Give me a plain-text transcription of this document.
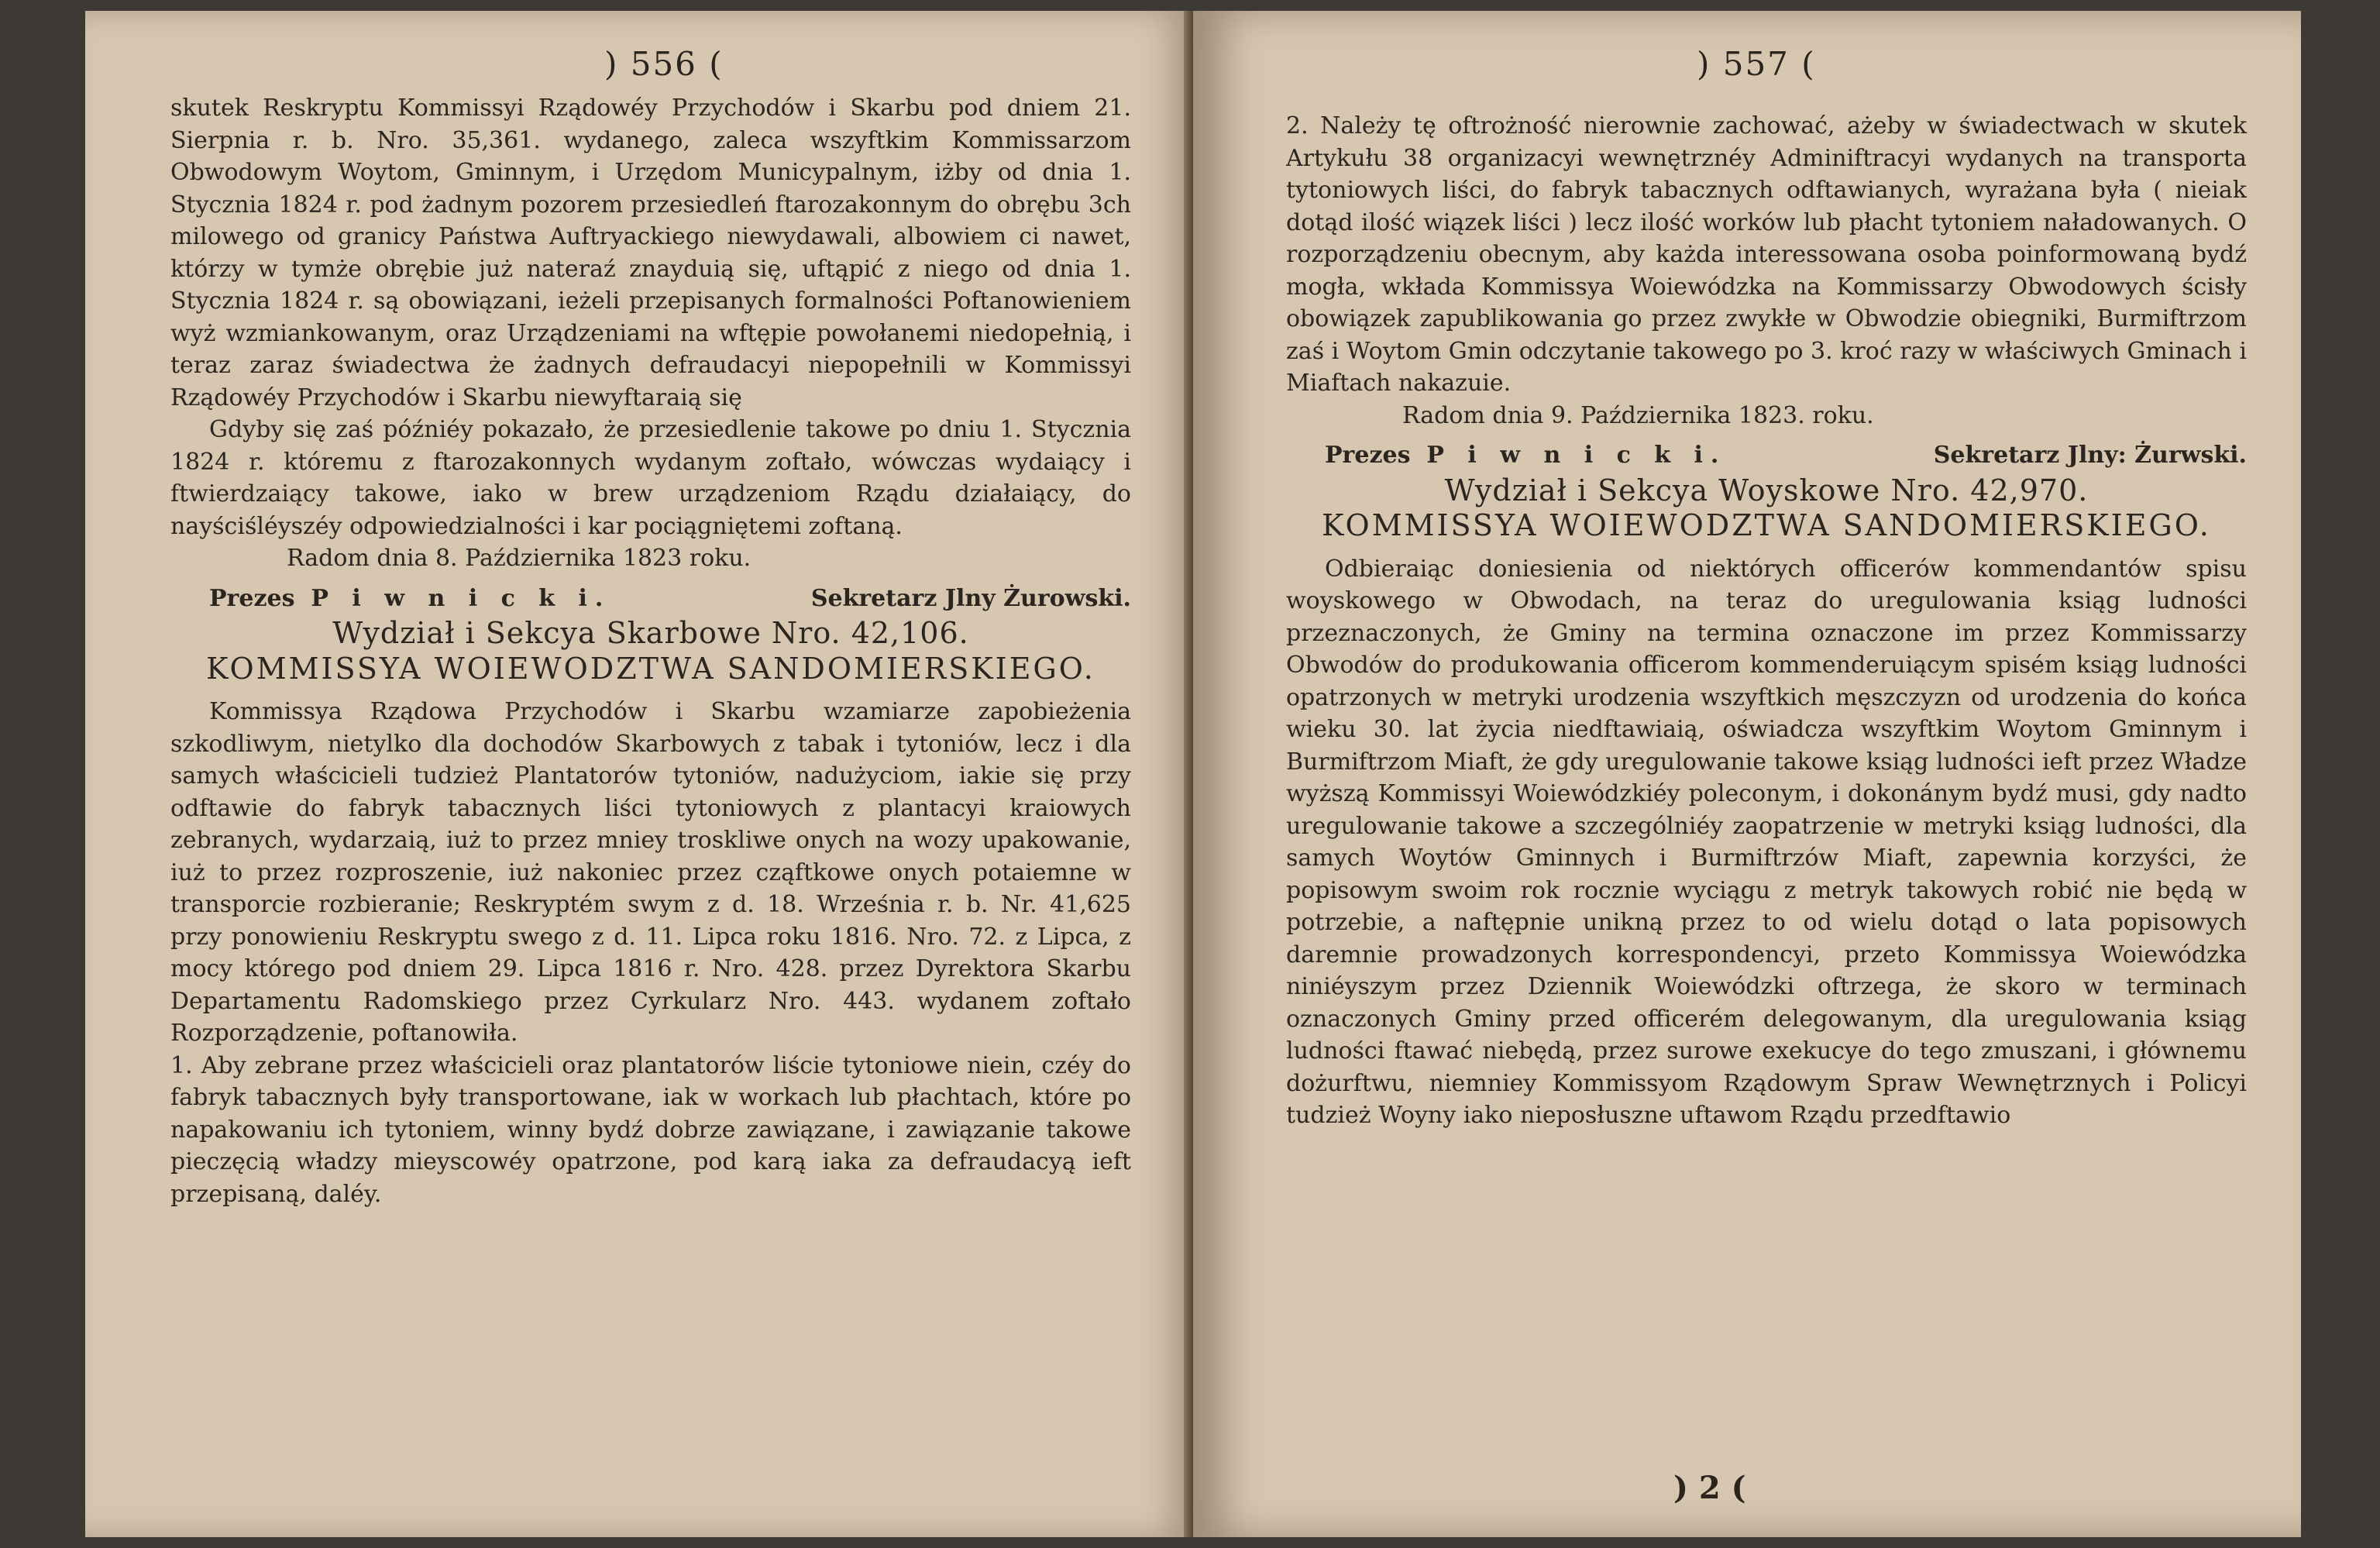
) 556 (

skutek Reskryptu Kommissyi Rządowéy Przychodów i Skarbu pod dniem 21. Sierpnia r. b. Nro. 35,361. wydanego, zaleca wszyftkim Kommissarzom Obwodowym Woytom, Gminnym, i Urzędom Municypalnym, iżby od dnia 1. Stycznia 1824 r. pod żadnym pozorem przesiedleń ftarozakonnym do obrębu 3ch milowego od granicy Państwa Auftryackiego niewydawali, albowiem ci nawet, którzy w tymże obrębie już nateraź znayduią się, uftąpić z niego od dnia 1. Stycznia 1824 r. są obowiązani, ieżeli przepisanych formalności Poftanowieniem wyż wzmiankowanym, oraz Urządzeniami na wftępie powołanemi niedopełnią, i teraz zaraz świadectwa że żadnych defraudacyi niepopełnili w Kommissyi Rządowéy Przychodów i Skarbu niewyftaraią się

Gdyby się zaś późniéy pokazało, że przesiedlenie takowe po dniu 1. Stycznia 1824 r. któremu z ftarozakonnych wydanym zoftało, wówczas wydaiący i ftwierdzaiący takowe, iako w brew urządzeniom Rządu działaiący, do nayściśléyszéy odpowiedzialności i kar pociągniętemi zoftaną.

Radom dnia 8. Października 1823 roku.

Prezes P i w n i c k i.	Sekretarz Jlny Żurowski.
Wydział i Sekcya Skarbowe Nro. 42,106.
KOMMISSYA WOIEWODZTWA SANDOMIERSKIEGO.

Kommissya Rządowa Przychodów i Skarbu wzamiarze zapobieżenia szkodliwym, nietylko dla dochodów Skarbowych z tabak i tytoniów, lecz i dla samych właścicieli tudzież Plantatorów tytoniów, nadużyciom, iakie się przy odftawie do fabryk tabacznych liści tytoniowych z plantacyi kraiowych zebranych, wydarzaią, iuż to przez mniey troskliwe onych na wozy upakowanie, iuż to przez rozproszenie, iuż nakoniec przez cząftkowe onych potaiemne w transporcie rozbieranie; Reskryptém swym z d. 18. Września r. b. Nr. 41,625 przy ponowieniu Reskryptu swego z d. 11. Lipca roku 1816. Nro. 72. z Lipca, z mocy którego pod dniem 29. Lipca 1816 r. Nro. 428. przez Dyrektora Skarbu Departamentu Radomskiego przez Cyrkularz Nro. 443. wydanem zoftało Rozporządzenie, poftanowiła.

1. Aby zebrane przez właścicieli oraz plantatorów liście tytoniowe niein, czéy do fabryk tabacznych były transportowane, iak w workach lub płachtach, które po napakowaniu ich tytoniem, winny bydź dobrze zawiązane, i zawiązanie takowe pieczęcią władzy mieyscowéy opatrzone, pod karą iaka za defraudacyą ieft przepisaną, daléy.

) 557 (

2. Należy tę oftrożność nierownie zachować, ażeby w świadectwach w skutek Artykułu 38 organizacyi wewnętrznéy Adminiftracyi wydanych na transporta tytoniowych liści, do fabryk tabacznych odftawianych, wyrażana była ( nieiak dotąd ilość wiązek liści ) lecz ilość worków lub płacht tytoniem naładowanych. O rozporządzeniu obecnym, aby każda interessowana osoba poinformowaną bydź mogła, wkłada Kommissya Woiewódzka na Kommissarzy Obwodowych ścisły obowiązek zapublikowania go przez zwykłe w Obwodzie obiegniki, Burmiftrzom zaś i Woytom Gmin odczytanie takowego po 3. kroć razy w właściwych Gminach i Miaftach nakazuie.

Radom dnia 9. Października 1823. roku.

Prezes P i w n i c k i.	Sekretarz Jlny: Żurwski.
Wydział i Sekcya Woyskowe Nro. 42,970.
KOMMISSYA WOIEWODZTWA SANDOMIERSKIEGO.

Odbieraiąc doniesienia od niektórych officerów kommendantów spisu woyskowego w Obwodach, na teraz do uregulowania ksiąg ludności przeznaczonych, że Gminy na termina oznaczone im przez Kommissarzy Obwodów do produkowania officerom kommenderuiącym spisém ksiąg ludności opatrzonych w metryki urodzenia wszyftkich męszczyzn od urodzenia do końca wieku 30. lat życia niedftawiaią, oświadcza wszyftkim Woytom Gminnym i Burmiftrzom Miaft, że gdy uregulowanie takowe ksiąg ludności ieft przez Władze wyższą Kommissyi Woiewódzkiéy poleconym, i dokonánym bydź musi, gdy nadto uregulowanie takowe a szczególniéy zaopatrzenie w metryki ksiąg ludności, dla samych Woytów Gminnych i Burmiftrzów Miaft, zapewnia korzyści, że popisowym swoim rok rocznie wyciągu z metryk takowych robić nie będą w potrzebie, a naftępnie unikną przez to od wielu dotąd o lata popisowych daremnie prowadzonych korrespondencyi, przeto Kommissya Woiewódzka niniéyszym przez Dziennik Woiewódzki oftrzega, że skoro w terminach oznaczonych Gminy przed officerém delegowanym, dla uregulowania ksiąg ludności ftawać niebędą, przez surowe exekucye do tego zmuszani, i głównemu dożurftwu, niemniey Kommissyom Rządowym Spraw Wewnętrznych i Policyi tudzież Woyny iako nieposłuszne uftawom Rządu przedftawio

) 2 (
